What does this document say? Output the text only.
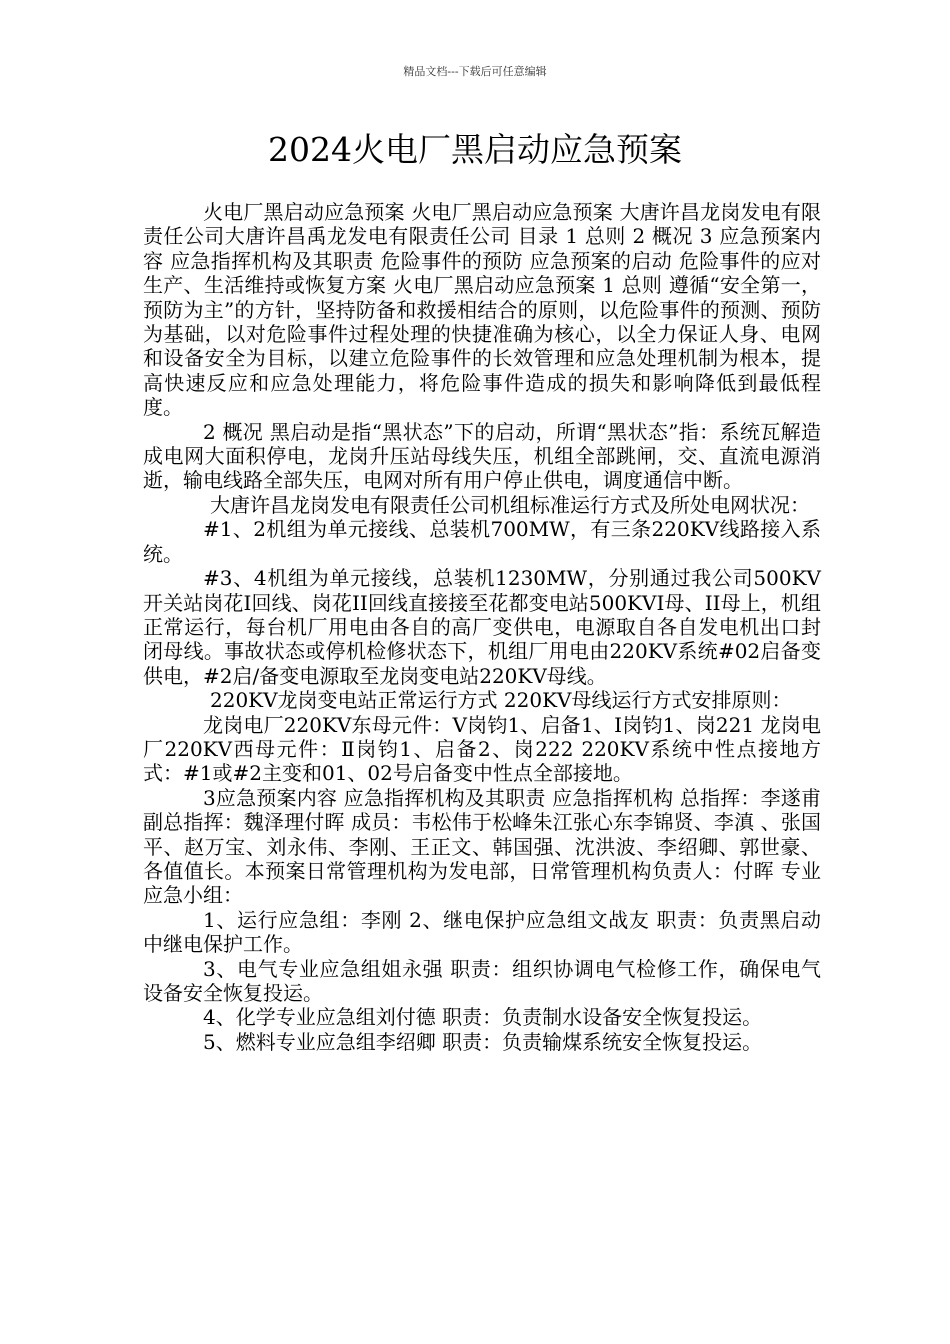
精品文档---下载后可任意编辑
2024火电厂黑启动应急预案

火电厂黑启动应急预案 火电厂黑启动应急预案 大唐许昌龙岗发电有限责任公司大唐许昌禹龙发电有限责任公司 目录 1 总则 2 概况 3 应急预案内容 应急指挥机构及其职责 危险事件的预防 应急预案的启动 危险事件的应对 生产、生活维持或恢复方案 火电厂黑启动应急预案 1 总则 遵循“安全第一，预防为主”的方针，坚持防备和救援相结合的原则，以危险事件的预测、预防为基础，以对危险事件过程处理的快捷准确为核心，以全力保证人身、电网和设备安全为目标，以建立危险事件的长效管理和应急处理机制为根本，提高快速反应和应急处理能力，将危险事件造成的损失和影响降低到最低程度。

2 概况 黑启动是指“黑状态”下的启动，所谓“黑状态”指：系统瓦解造成电网大面积停电，龙岗升压站母线失压，机组全部跳闸，交、直流电源消逝，输电线路全部失压，电网对所有用户停止供电，调度通信中断。

大唐许昌龙岗发电有限责任公司机组标准运行方式及所处电网状况：

#1、2机组为单元接线、总装机700MW，有三条220KV线路接入系统。

#3、4机组为单元接线，总装机1230MW，分别通过我公司500KV 开关站岗花Ⅰ回线、岗花II回线直接接至花都变电站500KVⅠ母、II母上，机组正常运行，每台机厂用电由各自的高厂变供电，电源取自各自发电机出口封闭母线。事故状态或停机检修状态下，机组厂用电由220KV系统#02启备变供电，#2启/备变电源取至龙岗变电站220KV母线。

220KV龙岗变电站正常运行方式 220KV母线运行方式安排原则：

龙岗电厂220KV东母元件：Ⅴ岗钧1、启备1、Ⅰ岗钧1、岗221 龙岗电厂220KV西母元件：Ⅱ岗钧1、启备2、岗222 220KV系统中性点接地方式：#1或#2主变和01、02号启备变中性点全部接地。

3应急预案内容 应急指挥机构及其职责 应急指挥机构 总指挥：李遂甫 副总指挥：魏泽理付晖 成员：韦松伟于松峰朱江张心东李锦贤、李滇 、张国平、赵万宝、刘永伟、李刚、王正文、韩国强、沈洪波、李绍卿、郭世豪、各值值长。本预案日常管理机构为发电部，日常管理机构负责人：付晖 专业应急小组：

1、运行应急组：李刚 2、继电保护应急组文战友 职责：负责黑启动中继电保护工作。

3、电气专业应急组姐永强 职责：组织协调电气检修工作，确保电气设备安全恢复投运。

4、化学专业应急组刘付德 职责：负责制水设备安全恢复投运。

5、燃料专业应急组李绍卿 职责：负责输煤系统安全恢复投运。
